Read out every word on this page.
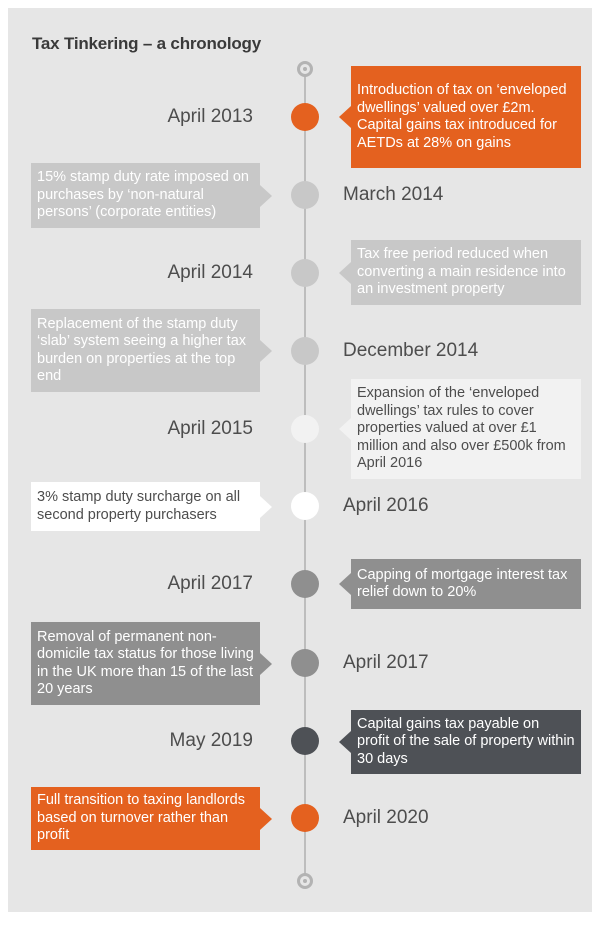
Tax Tinkering – a chronology
April 2013
Introduction of tax on ‘enveloped dwellings’ valued over £2m. Capital gains tax introduced for AETDs at 28% on gains
March 2014
15% stamp duty rate imposed on purchases by ‘non-natural persons’ (corporate entities)
April 2014
Tax free period reduced when converting a main residence into an investment property
December 2014
Replacement of the stamp duty ‘slab’ system seeing a higher tax burden on properties at the top end
April 2015
Expansion of the ‘enveloped dwellings’ tax rules to cover properties valued at over £1 million and also over £500k from April 2016
April 2016
3% stamp duty surcharge on all second property purchasers
April 2017	Capping of mortgage interest tax relief down to 20%
April 2017
Removal of permanent non-domicile tax status for those living in the UK more than 15 of the last 20 years
May 2019
Capital gains tax payable on profit of the sale of property within 30 days
April 2020
Full transition to taxing landlords based on turnover rather than profit
